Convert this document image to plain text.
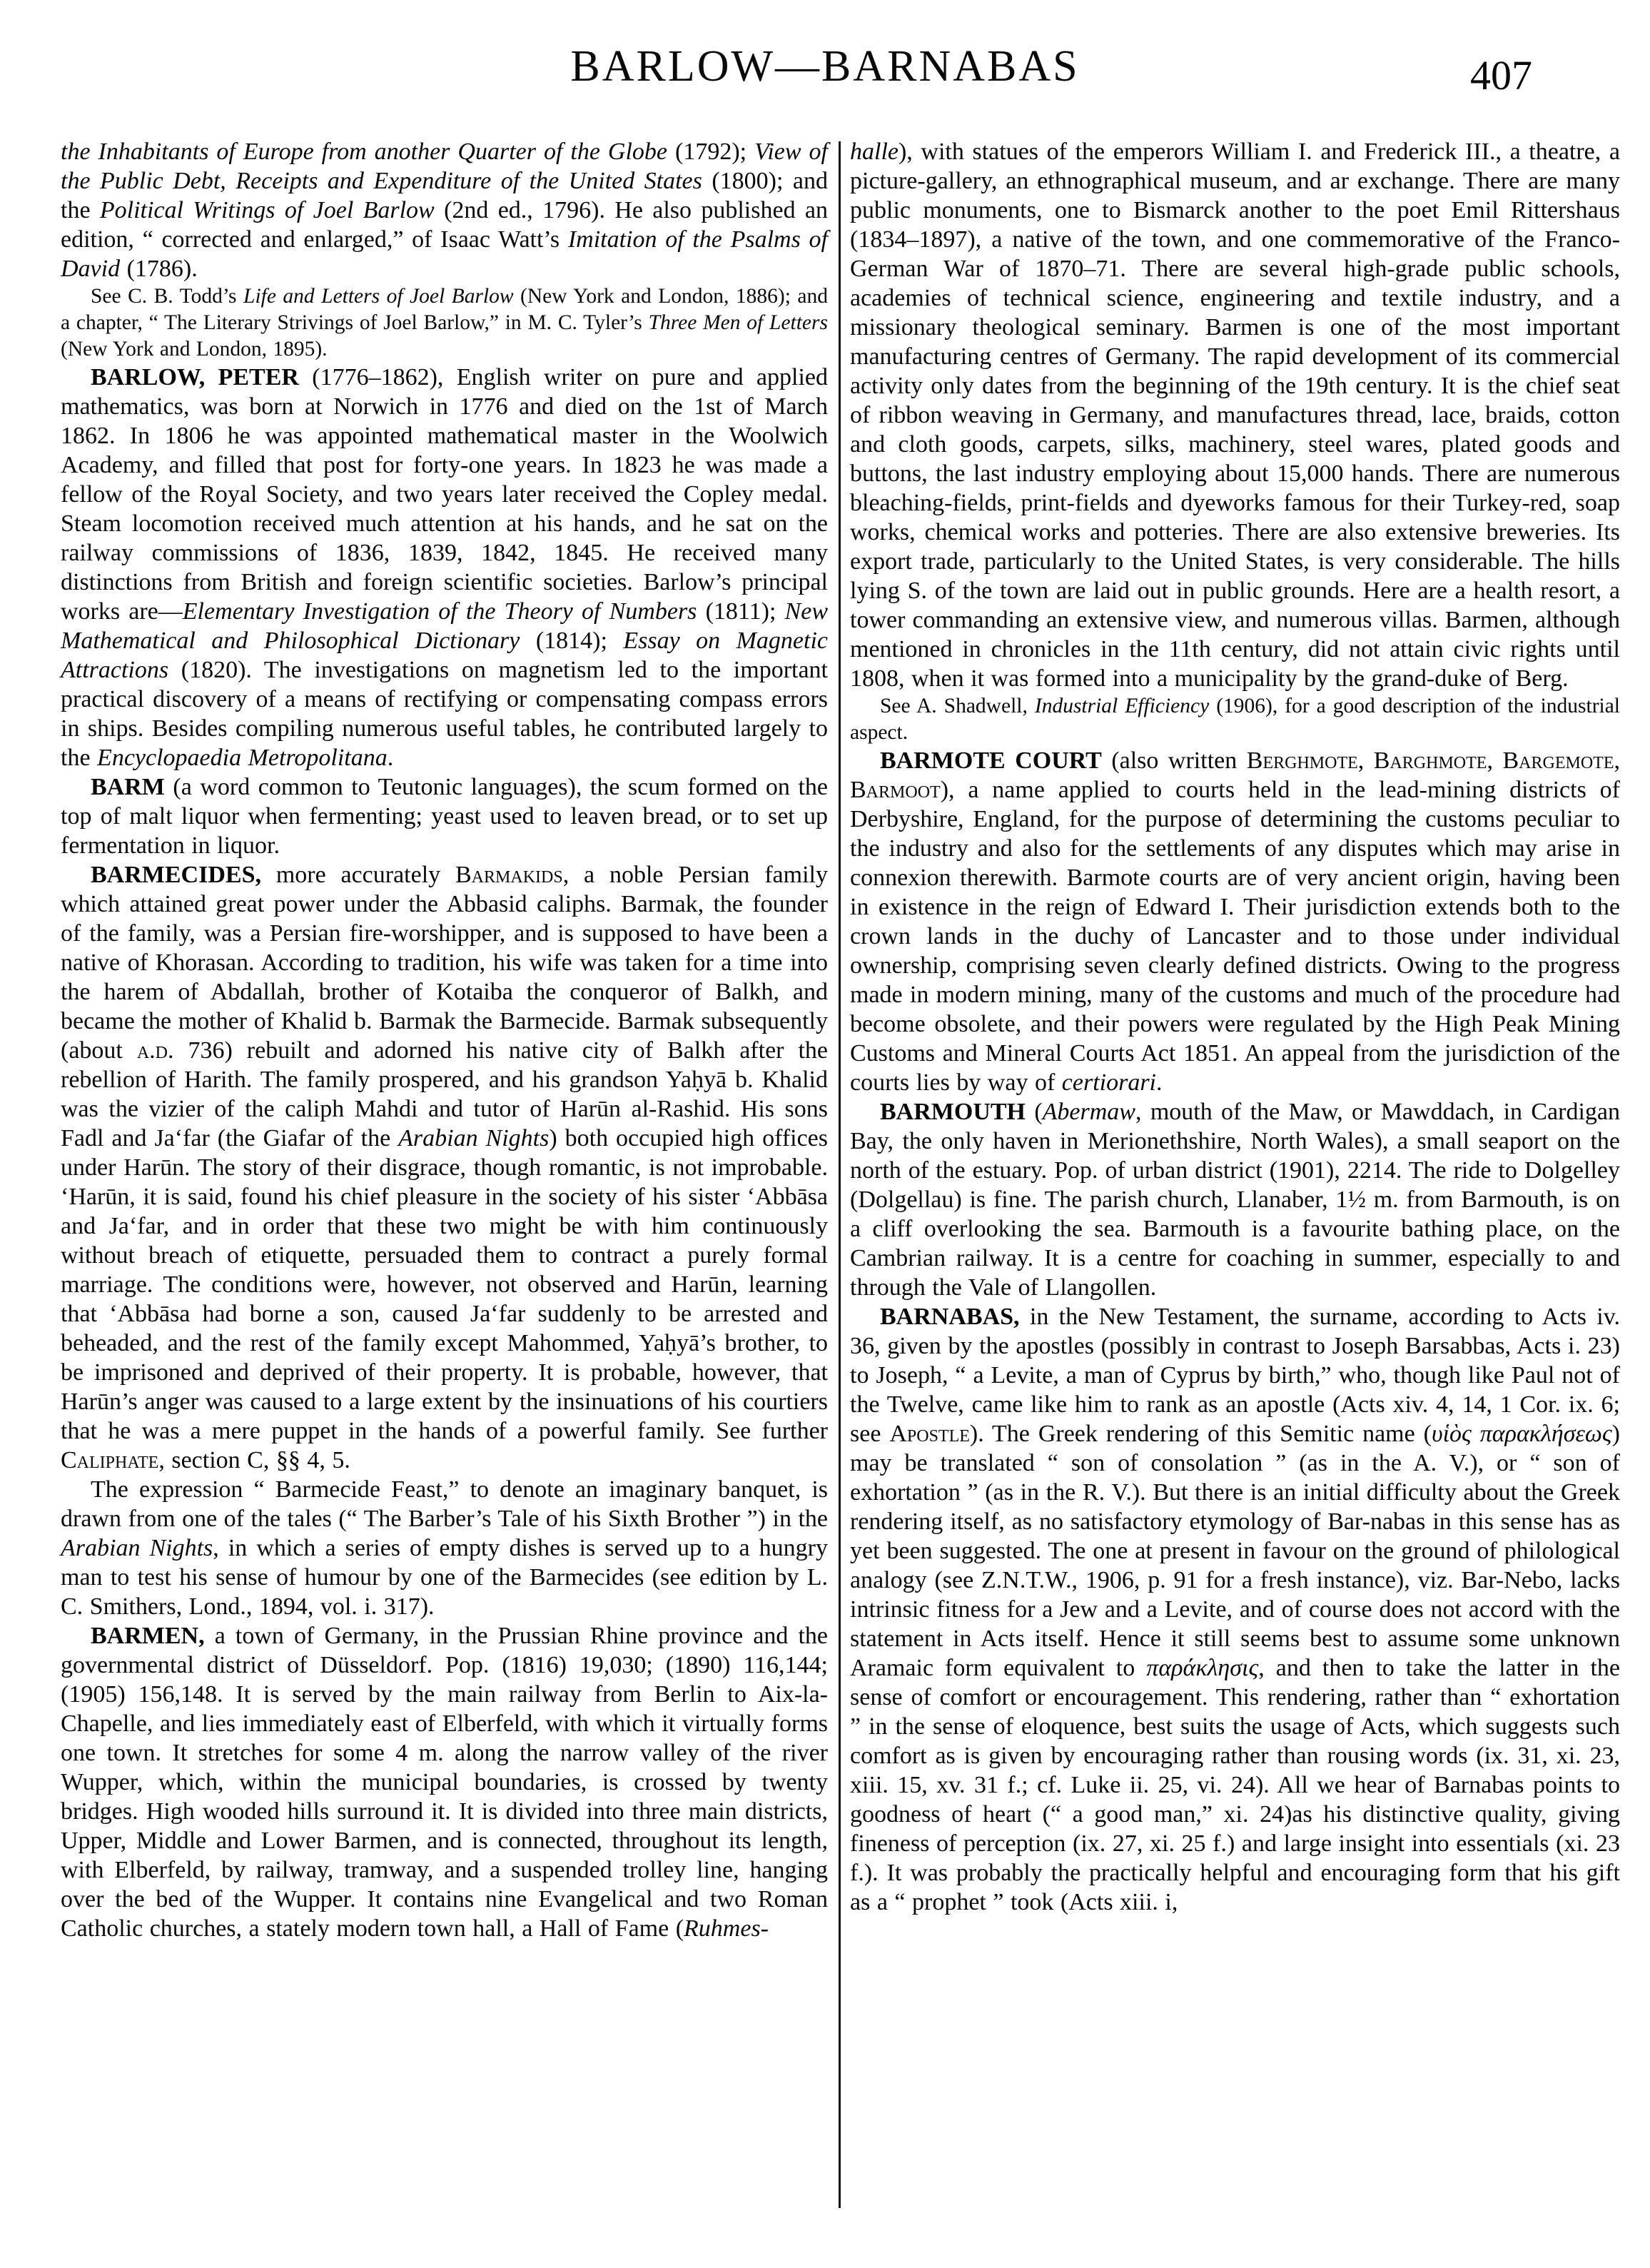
BARLOW—BARNABAS	407

the Inhabitants of Europe from another Quarter of the Globe (1792); View of the Public Debt, Receipts and Expenditure of the United States (1800); and the Political Writings of Joel Barlow (2nd ed., 1796). He also published an edition, “ corrected and enlarged,” of Isaac Watt’s Imitation of the Psalms of David (1786).

See C. B. Todd’s Life and Letters of Joel Barlow (New York and London, 1886); and a chapter, “ The Literary Strivings of Joel Barlow,” in M. C. Tyler’s Three Men of Letters (New York and London, 1895).

BARLOW, PETER (1776–1862), English writer on pure and applied mathematics, was born at Norwich in 1776 and died on the 1st of March 1862. In 1806 he was appointed mathematical master in the Woolwich Academy, and filled that post for forty-one years. In 1823 he was made a fellow of the Royal Society, and two years later received the Copley medal. Steam locomotion received much attention at his hands, and he sat on the railway commissions of 1836, 1839, 1842, 1845. He received many distinctions from British and foreign scientific societies. Barlow’s principal works are—Elementary Investigation of the Theory of Numbers (1811); New Mathematical and Philosophical Dictionary (1814); Essay on Magnetic Attractions (1820). The investigations on magnetism led to the important practical discovery of a means of rectifying or compensating compass errors in ships. Besides compiling numerous useful tables, he contributed largely to the Encyclopaedia Metropolitana.

BARM (a word common to Teutonic languages), the scum formed on the top of malt liquor when fermenting; yeast used to leaven bread, or to set up fermentation in liquor.

BARMECIDES, more accurately Barmakids, a noble Persian family which attained great power under the Abbasid caliphs. Barmak, the founder of the family, was a Persian fire-worshipper, and is supposed to have been a native of Khorasan. According to tradition, his wife was taken for a time into the harem of Abdallah, brother of Kotaiba the conqueror of Balkh, and became the mother of Khalid b. Barmak the Barmecide. Barmak subsequently (about a.d. 736) rebuilt and adorned his native city of Balkh after the rebellion of Harith. The family prospered, and his grandson Yaḥyā b. Khalid was the vizier of the caliph Mahdi and tutor of Harūn al-Rashid. His sons Fadl and Ja‘far (the Giafar of the Arabian Nights) both occupied high offices under Harūn. The story of their disgrace, though romantic, is not improbable. ‘Harūn, it is said, found his chief pleasure in the society of his sister ‘Abbāsa and Ja‘far, and in order that these two might be with him continuously without breach of etiquette, persuaded them to contract a purely formal marriage. The conditions were, however, not observed and Harūn, learning that ‘Abbāsa had borne a son, caused Ja‘far suddenly to be arrested and beheaded, and the rest of the family except Mahommed, Yaḥyā’s brother, to be imprisoned and deprived of their property. It is probable, however, that Harūn’s anger was caused to a large extent by the insinuations of his courtiers that he was a mere puppet in the hands of a powerful family. See further Caliphate, section C, §§ 4, 5.

The expression “ Barmecide Feast,” to denote an imaginary banquet, is drawn from one of the tales (“ The Barber’s Tale of his Sixth Brother ”) in the Arabian Nights, in which a series of empty dishes is served up to a hungry man to test his sense of humour by one of the Barmecides (see edition by L. C. Smithers, Lond., 1894, vol. i. 317).

BARMEN, a town of Germany, in the Prussian Rhine province and the governmental district of Düsseldorf. Pop. (1816) 19,030; (1890) 116,144; (1905) 156,148. It is served by the main railway from Berlin to Aix-la-Chapelle, and lies immediately east of Elberfeld, with which it virtually forms one town. It stretches for some 4 m. along the narrow valley of the river Wupper, which, within the municipal boundaries, is crossed by twenty bridges. High wooded hills surround it. It is divided into three main districts, Upper, Middle and Lower Barmen, and is connected, throughout its length, with Elberfeld, by railway, tramway, and a suspended trolley line, hanging over the bed of the Wupper. It contains nine Evangelical and two Roman Catholic churches, a stately modern town hall, a Hall of Fame (Ruhmes-

halle), with statues of the emperors William I. and Frederick III., a theatre, a picture-gallery, an ethnographical museum, and ar exchange. There are many public monuments, one to Bismarck another to the poet Emil Rittershaus (1834–1897), a native of the town, and one commemorative of the Franco-German War of 1870–71. There are several high-grade public schools, academies of technical science, engineering and textile industry, and a missionary theological seminary. Barmen is one of the most important manufacturing centres of Germany. The rapid development of its commercial activity only dates from the beginning of the 19th century. It is the chief seat of ribbon weaving in Germany, and manufactures thread, lace, braids, cotton and cloth goods, carpets, silks, machinery, steel wares, plated goods and buttons, the last industry employing about 15,000 hands. There are numerous bleaching-fields, print-fields and dyeworks famous for their Turkey-red, soap works, chemical works and potteries. There are also extensive breweries. Its export trade, particularly to the United States, is very considerable. The hills lying S. of the town are laid out in public grounds. Here are a health resort, a tower commanding an extensive view, and numerous villas. Barmen, although mentioned in chronicles in the 11th century, did not attain civic rights until 1808, when it was formed into a municipality by the grand-duke of Berg.

See A. Shadwell, Industrial Efficiency (1906), for a good description of the industrial aspect.

BARMOTE COURT (also written Berghmote, Barghmote, Bargemote, Barmoot), a name applied to courts held in the lead-mining districts of Derbyshire, England, for the purpose of determining the customs peculiar to the industry and also for the settlements of any disputes which may arise in connexion therewith. Barmote courts are of very ancient origin, having been in existence in the reign of Edward I. Their jurisdiction extends both to the crown lands in the duchy of Lancaster and to those under individual ownership, comprising seven clearly defined districts. Owing to the progress made in modern mining, many of the customs and much of the procedure had become obsolete, and their powers were regulated by the High Peak Mining Customs and Mineral Courts Act 1851. An appeal from the jurisdiction of the courts lies by way of certiorari.

BARMOUTH (Abermaw, mouth of the Maw, or Mawddach, in Cardigan Bay, the only haven in Merionethshire, North Wales), a small seaport on the north of the estuary. Pop. of urban district (1901), 2214. The ride to Dolgelley (Dolgellau) is fine. The parish church, Llanaber, 1½ m. from Barmouth, is on a cliff overlooking the sea. Barmouth is a favourite bathing place, on the Cambrian railway. It is a centre for coaching in summer, especially to and through the Vale of Llangollen.

BARNABAS, in the New Testament, the surname, according to Acts iv. 36, given by the apostles (possibly in contrast to Joseph Barsabbas, Acts i. 23) to Joseph, “ a Levite, a man of Cyprus by birth,” who, though like Paul not of the Twelve, came like him to rank as an apostle (Acts xiv. 4, 14, 1 Cor. ix. 6; see Apostle). The Greek rendering of this Semitic name (υἱὸς παρακλήσεως) may be translated “ son of consolation ” (as in the A. V.), or “ son of exhortation ” (as in the R. V.). But there is an initial difficulty about the Greek rendering itself, as no satisfactory etymology of Bar-nabas in this sense has as yet been suggested. The one at present in favour on the ground of philological analogy (see Z.N.T.W., 1906, p. 91 for a fresh instance), viz. Bar-Nebo, lacks intrinsic fitness for a Jew and a Levite, and of course does not accord with the statement in Acts itself. Hence it still seems best to assume some unknown Aramaic form equivalent to παράκλησις, and then to take the latter in the sense of comfort or encouragement. This rendering, rather than “ exhortation ” in the sense of eloquence, best suits the usage of Acts, which suggests such comfort as is given by encouraging rather than rousing words (ix. 31, xi. 23, xiii. 15, xv. 31 f.; cf. Luke ii. 25, vi. 24). All we hear of Barnabas points to goodness of heart (“ a good man,” xi. 24)as his distinctive quality, giving fineness of perception (ix. 27, xi. 25 f.) and large insight into essentials (xi. 23 f.). It was probably the practically helpful and encouraging form that his gift as a “ prophet ” took (Acts xiii. i,
